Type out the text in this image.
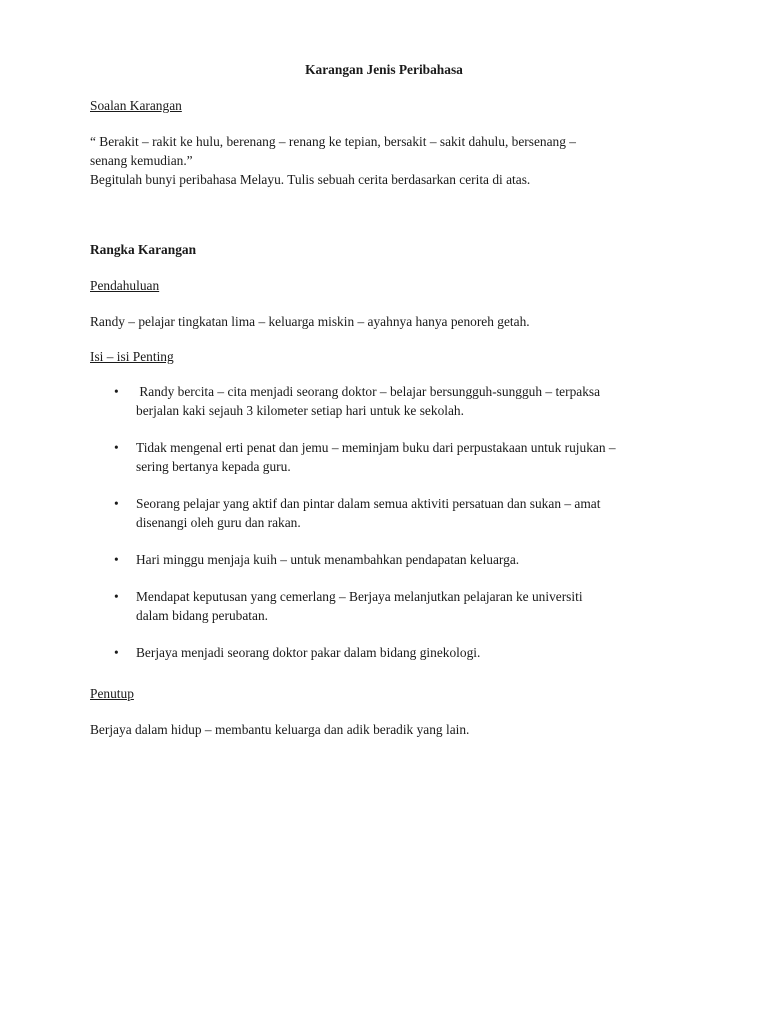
Karangan Jenis Peribahasa
Soalan Karangan
“ Berakit – rakit ke hulu, berenang – renang ke tepian, bersakit – sakit dahulu, bersenang –
senang kemudian.”
Begitulah bunyi peribahasa Melayu. Tulis sebuah cerita berdasarkan cerita di atas.
Rangka Karangan
Pendahuluan
Randy – pelajar tingkatan lima – keluarga miskin – ayahnya hanya penoreh getah.
Isi – isi Penting
• Randy bercita – cita menjadi seorang doktor – belajar bersungguh-sungguh – terpaksa
berjalan kaki sejauh 3 kilometer setiap hari untuk ke sekolah.
• Tidak mengenal erti penat dan jemu – meminjam buku dari perpustakaan untuk rujukan –
sering bertanya kepada guru.
• Seorang pelajar yang aktif dan pintar dalam semua aktiviti persatuan dan sukan – amat
disenangi oleh guru dan rakan.
• Hari minggu menjaja kuih – untuk menambahkan pendapatan keluarga.
• Mendapat keputusan yang cemerlang – Berjaya melanjutkan pelajaran ke universiti
dalam bidang perubatan.
• Berjaya menjadi seorang doktor pakar dalam bidang ginekologi.
Penutup
Berjaya dalam hidup – membantu keluarga dan adik beradik yang lain.
